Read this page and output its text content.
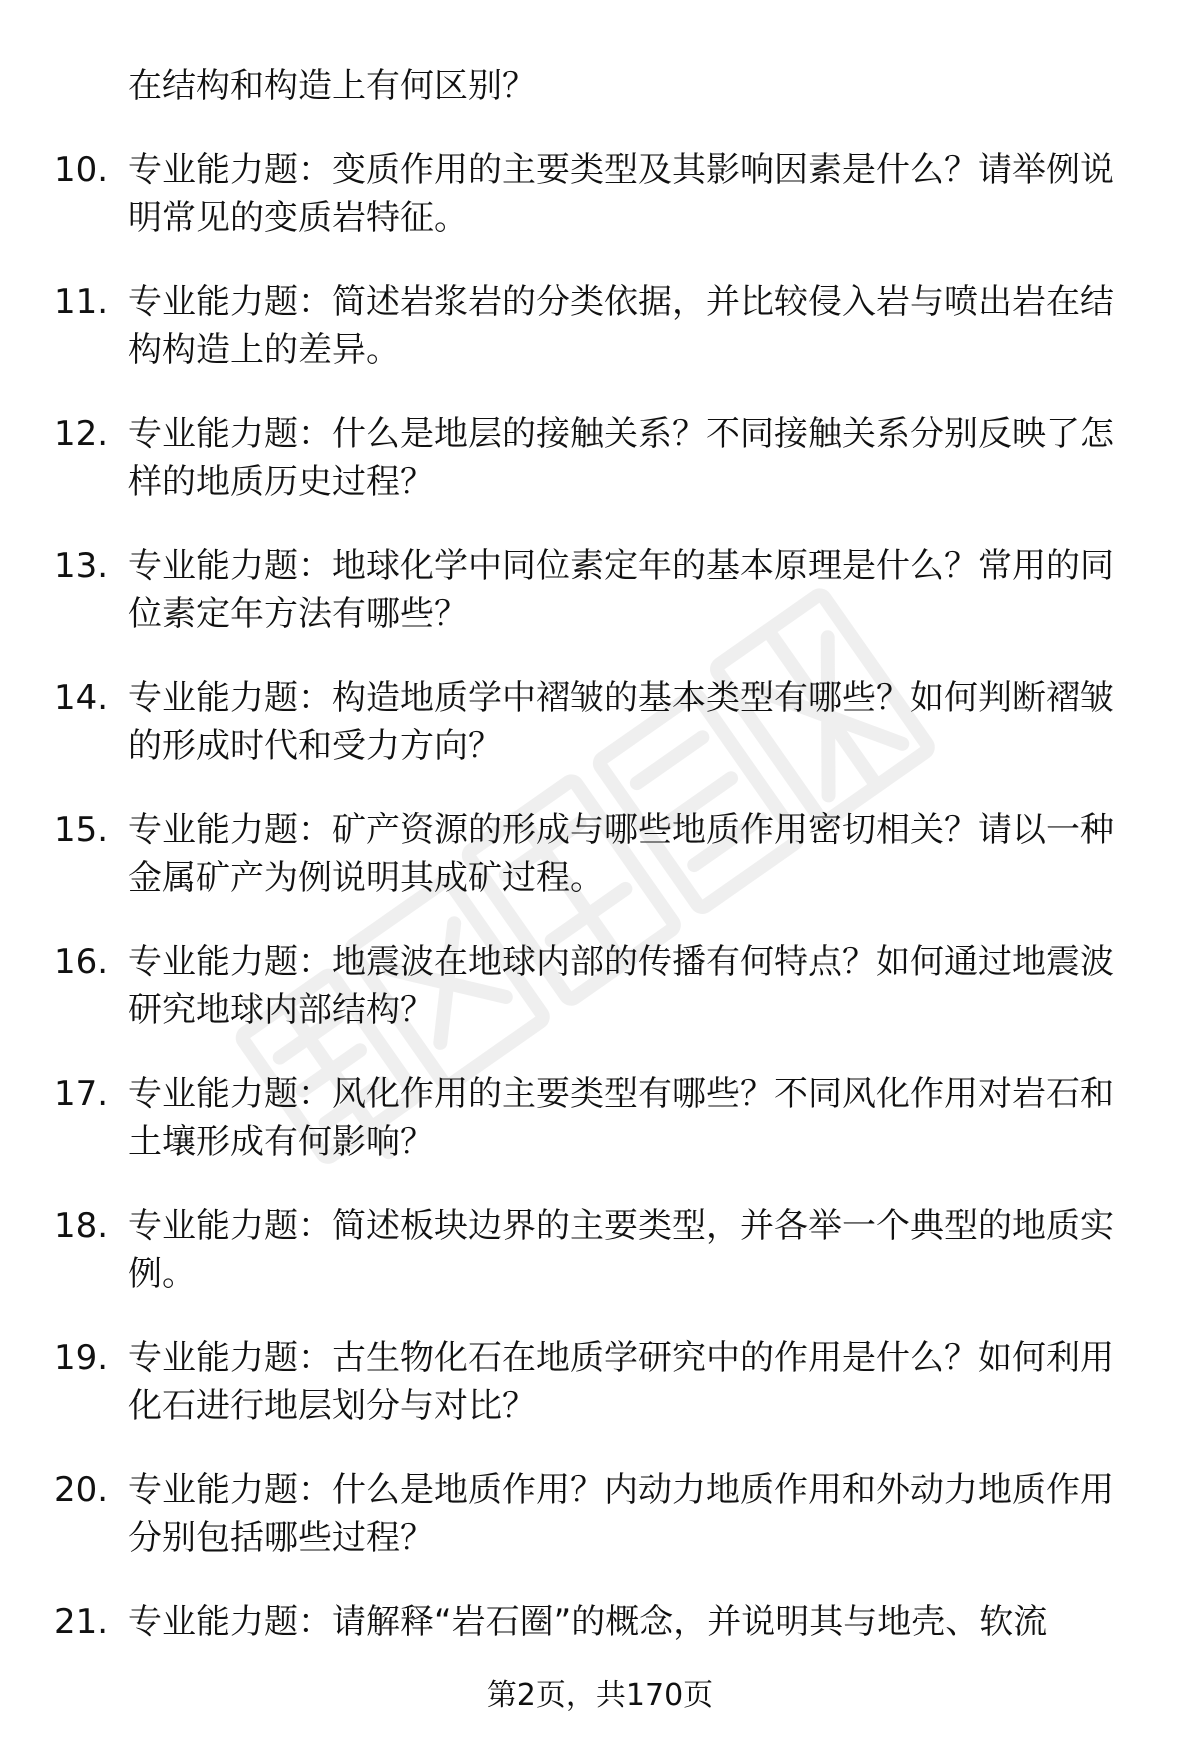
在结构和构造上有何区别？
10. 专业能力题：变质作用的主要类型及其影响因素是什么？请举例说明常见的变质岩特征。
11. 专业能力题：简述岩浆岩的分类依据，并比较侵入岩与喷出岩在结构构造上的差异。
12. 专业能力题：什么是地层的接触关系？不同接触关系分别反映了怎样的地质历史过程？
13. 专业能力题：地球化学中同位素定年的基本原理是什么？常用的同位素定年方法有哪些？
14. 专业能力题：构造地质学中褶皱的基本类型有哪些？如何判断褶皱的形成时代和受力方向？
15. 专业能力题：矿产资源的形成与哪些地质作用密切相关？请以一种金属矿产为例说明其成矿过程。
16. 专业能力题：地震波在地球内部的传播有何特点？如何通过地震波研究地球内部结构？
17. 专业能力题：风化作用的主要类型有哪些？不同风化作用对岩石和土壤形成有何影响？
18. 专业能力题：简述板块边界的主要类型，并各举一个典型的地质实例。
19. 专业能力题：古生物化石在地质学研究中的作用是什么？如何利用化石进行地层划分与对比？
20. 专业能力题：什么是地质作用？内动力地质作用和外动力地质作用分别包括哪些过程？
21. 专业能力题：请解释“岩石圈”的概念，并说明其与地壳、软流
第2页，共170页
